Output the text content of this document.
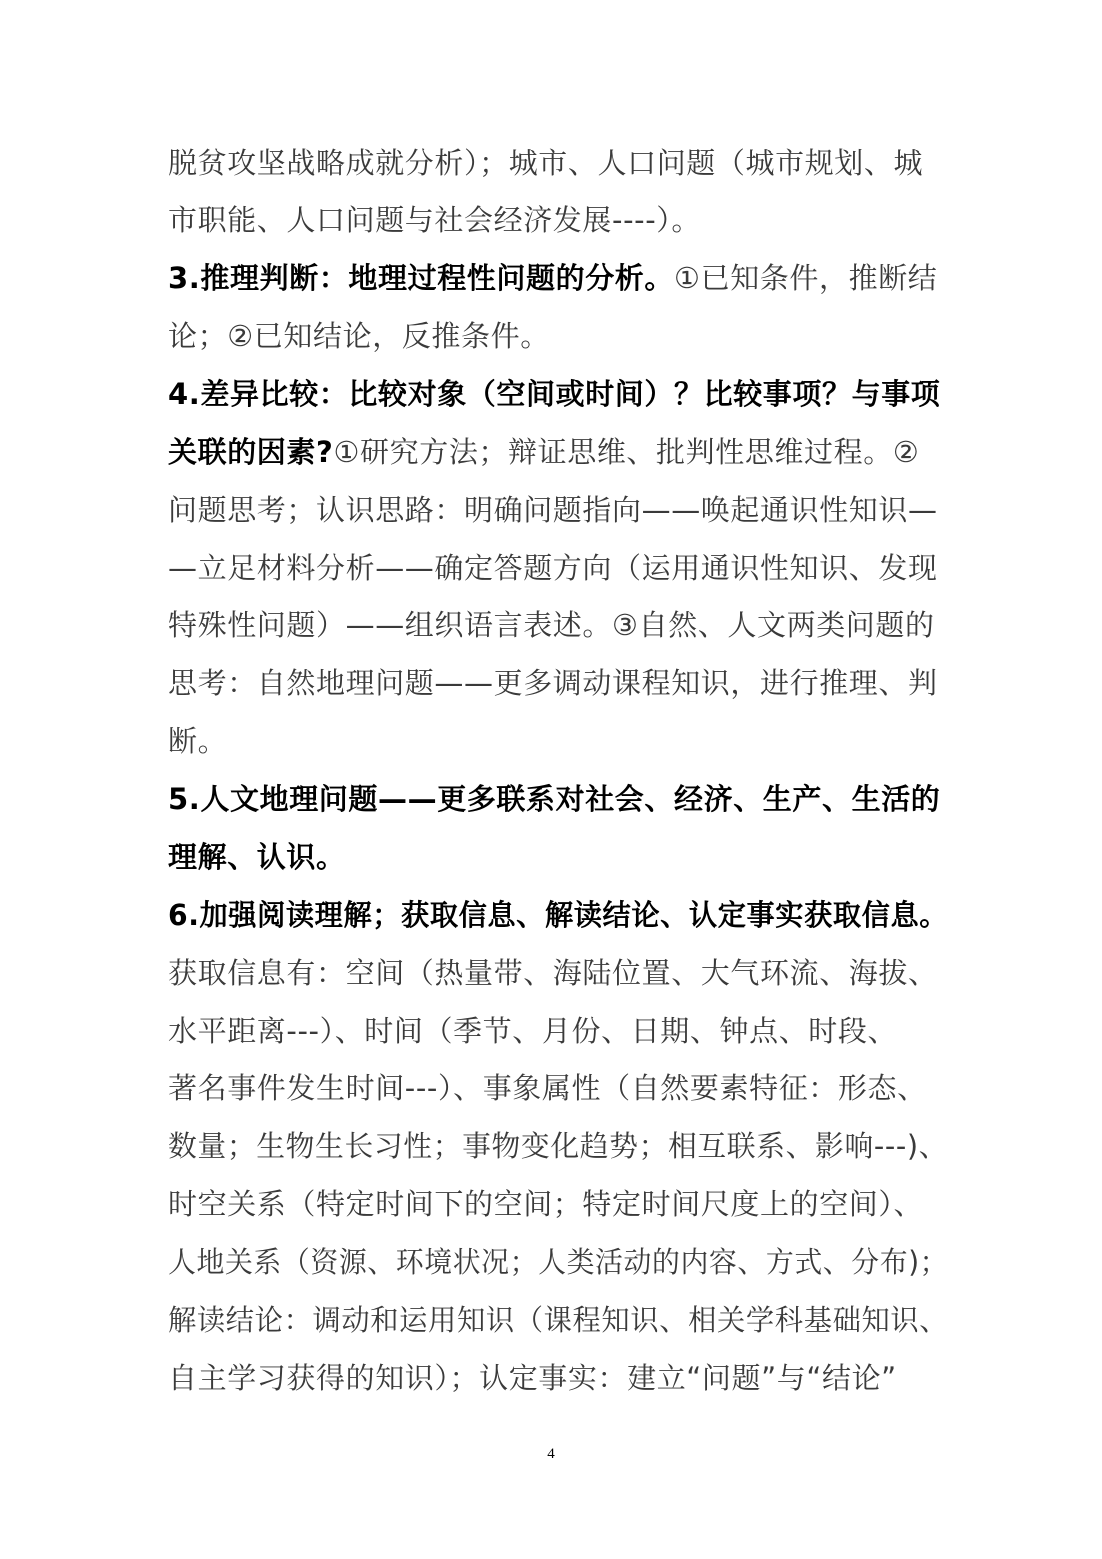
脱贫攻坚战略成就分析）；城市、人口问题（城市规划、城
市职能、人口问题与社会经济发展----）。
3.推理判断：地理过程性问题的分析。①已知条件，推断结
论；②已知结论，反推条件。
4.差异比较：比较对象（空间或时间）？比较事项？与事项
关联的因素?①研究方法；辩证思维、批判性思维过程。②
问题思考；认识思路：明确问题指向——唤起通识性知识—
—立足材料分析——确定答题方向（运用通识性知识、发现
特殊性问题）——组织语言表述。③自然、人文两类问题的
思考：自然地理问题——更多调动课程知识，进行推理、判
断。
5.人文地理问题——更多联系对社会、经济、生产、生活的
理解、认识。
6.加强阅读理解；获取信息、解读结论、认定事实获取信息。
获取信息有：空间（热量带、海陆位置、大气环流、海拔、
水平距离---）、时间（季节、月份、日期、钟点、时段、
著名事件发生时间---）、事象属性（自然要素特征：形态、
数量；生物生长习性；事物变化趋势；相互联系、影响---)、
时空关系（特定时间下的空间；特定时间尺度上的空间）、
人地关系（资源、环境状况；人类活动的内容、方式、分布)；
解读结论：调动和运用知识（课程知识、相关学科基础知识、
自主学习获得的知识）；认定事实：建立“问题”与“结论”
4
